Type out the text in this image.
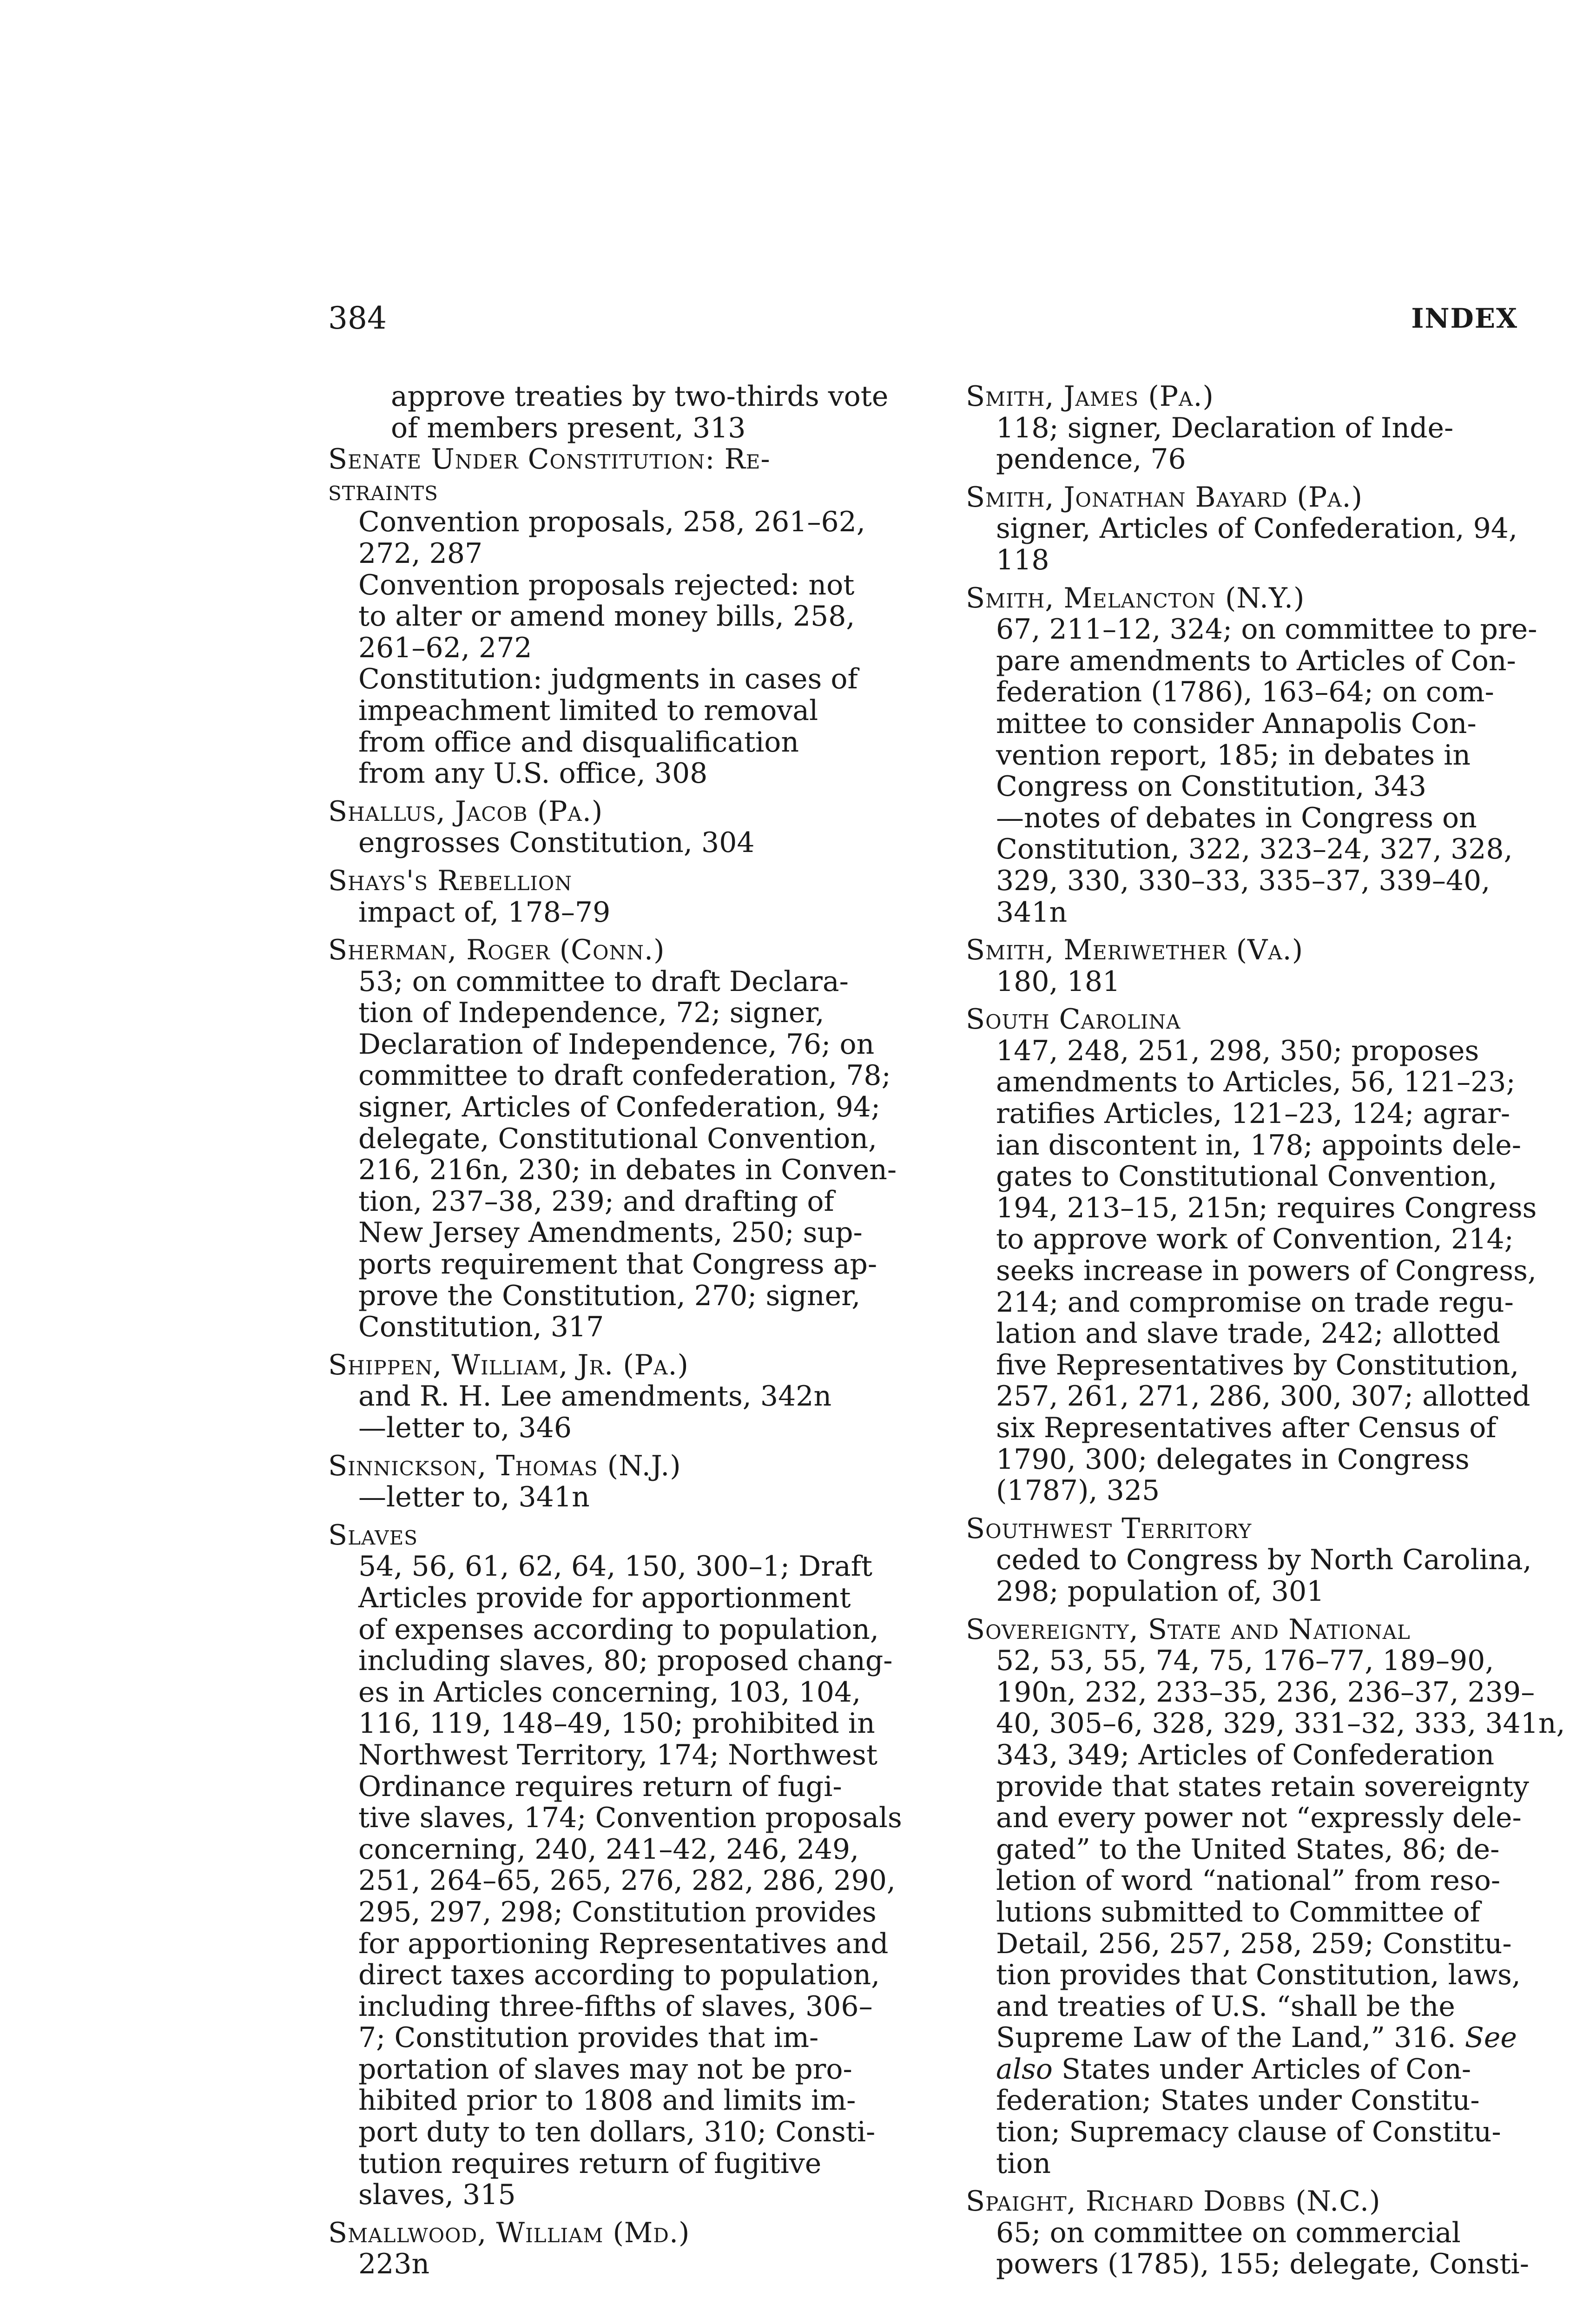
384	INDEX
approve treaties by two-thirds vote
of members present, 313
Senate Under Constitution: Re-
straints
Convention proposals, 258, 261–62,
272, 287
Convention proposals rejected: not
to alter or amend money bills, 258,
261–62, 272
Constitution: judgments in cases of
impeachment limited to removal
from office and disqualification
from any U.S. office, 308
Shallus, Jacob (Pa.)
engrosses Constitution, 304
Shays's Rebellion
impact of, 178–79
Sherman, Roger (Conn.)
53; on committee to draft Declara-
tion of Independence, 72; signer,
Declaration of Independence, 76; on
committee to draft confederation, 78;
signer, Articles of Confederation, 94;
delegate, Constitutional Convention,
216, 216n, 230; in debates in Conven-
tion, 237–38, 239; and drafting of
New Jersey Amendments, 250; sup-
ports requirement that Congress ap-
prove the Constitution, 270; signer,
Constitution, 317
Shippen, William, Jr. (Pa.)
and R. H. Lee amendments, 342n
—letter to, 346
Sinnickson, Thomas (N.J.)
—letter to, 341n
Slaves
54, 56, 61, 62, 64, 150, 300–1; Draft
Articles provide for apportionment
of expenses according to population,
including slaves, 80; proposed chang-
es in Articles concerning, 103, 104,
116, 119, 148–49, 150; prohibited in
Northwest Territory, 174; Northwest
Ordinance requires return of fugi-
tive slaves, 174; Convention proposals
concerning, 240, 241–42, 246, 249,
251, 264–65, 265, 276, 282, 286, 290,
295, 297, 298; Constitution provides
for apportioning Representatives and
direct taxes according to population,
including three-fifths of slaves, 306–
7; Constitution provides that im-
portation of slaves may not be pro-
hibited prior to 1808 and limits im-
port duty to ten dollars, 310; Consti-
tution requires return of fugitive
slaves, 315
Smallwood, William (Md.)
223n
Smith, James (Pa.)
118; signer, Declaration of Inde-
pendence, 76
Smith, Jonathan Bayard (Pa.)
signer, Articles of Confederation, 94,
118
Smith, Melancton (N.Y.)
67, 211–12, 324; on committee to pre-
pare amendments to Articles of Con-
federation (1786), 163–64; on com-
mittee to consider Annapolis Con-
vention report, 185; in debates in
Congress on Constitution, 343
—notes of debates in Congress on
Constitution, 322, 323–24, 327, 328,
329, 330, 330–33, 335–37, 339–40,
341n
Smith, Meriwether (Va.)
180, 181
South Carolina
147, 248, 251, 298, 350; proposes
amendments to Articles, 56, 121–23;
ratifies Articles, 121–23, 124; agrar-
ian discontent in, 178; appoints dele-
gates to Constitutional Convention,
194, 213–15, 215n; requires Congress
to approve work of Convention, 214;
seeks increase in powers of Congress,
214; and compromise on trade regu-
lation and slave trade, 242; allotted
five Representatives by Constitution,
257, 261, 271, 286, 300, 307; allotted
six Representatives after Census of
1790, 300; delegates in Congress
(1787), 325
Southwest Territory
ceded to Congress by North Carolina,
298; population of, 301
Sovereignty, State and National
52, 53, 55, 74, 75, 176–77, 189–90,
190n, 232, 233–35, 236, 236–37, 239–
40, 305–6, 328, 329, 331–32, 333, 341n,
343, 349; Articles of Confederation
provide that states retain sovereignty
and every power not “expressly dele-
gated” to the United States, 86; de-
letion of word “national” from reso-
lutions submitted to Committee of
Detail, 256, 257, 258, 259; Constitu-
tion provides that Constitution, laws,
and treaties of U.S. “shall be the
Supreme Law of the Land,” 316. See
also States under Articles of Con-
federation; States under Constitu-
tion; Supremacy clause of Constitu-
tion
Spaight, Richard Dobbs (N.C.)
65; on committee on commercial
powers (1785), 155; delegate, Consti-
